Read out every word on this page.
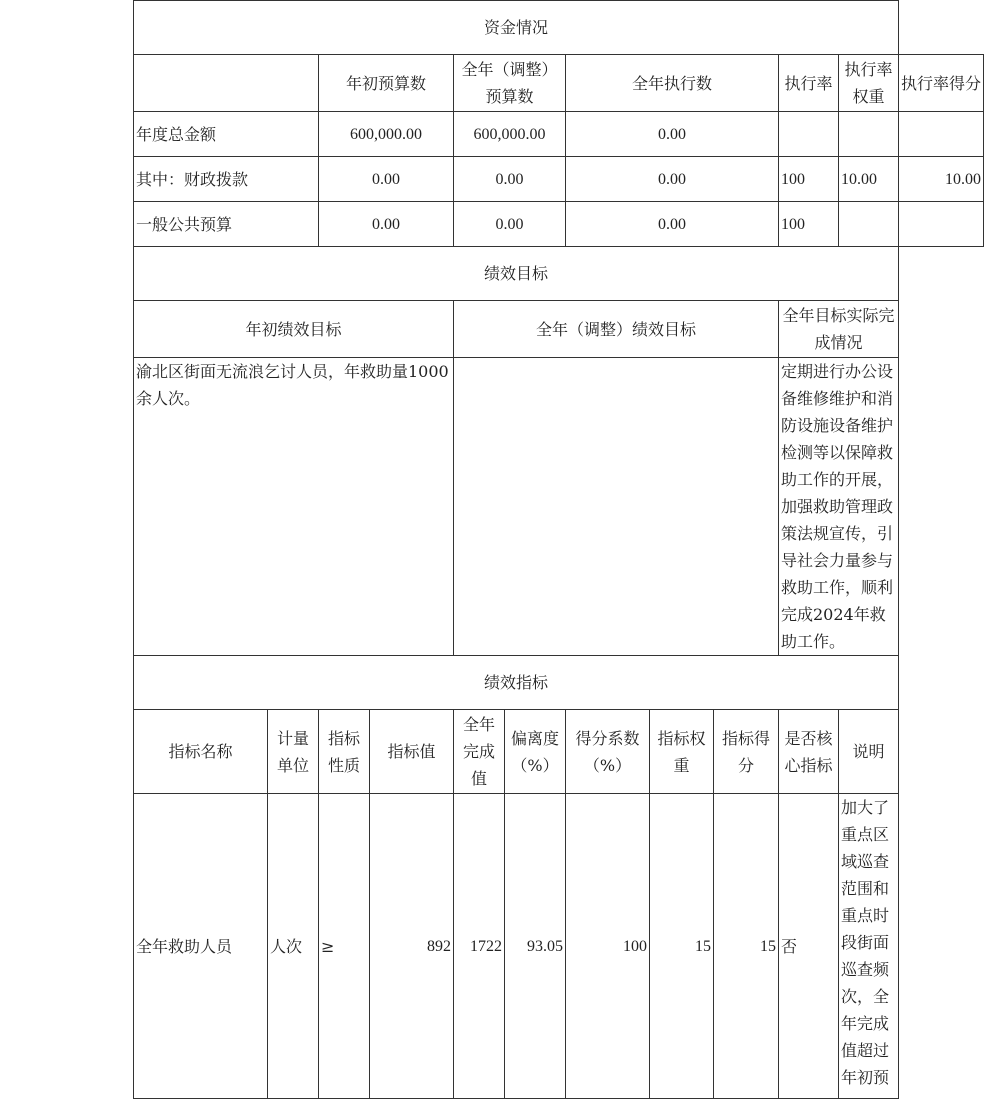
资金情况											
		年初预算数		全年（调整）预算数		全年执行数			执行率	执行率权重	执行率得分
年度总金额		600,000.00		600,000.00		0.00					
其中：财政拨款		0.00		0.00		0.00			100	10.00	10.00
一般公共预算		0.00		0.00		0.00			100		
绩效目标											
年初绩效目标				全年（调整）绩效目标					全年目标实际完成情况		
渝北区街面无流浪乞讨人员，年救助量1000余人次。									定期进行办公设备维修维护和消防设施设备维护检测等以保障救助工作的开展，加强救助管理政策法规宣传，引导社会力量参与救助工作，顺利完成2024年救助工作。		
绩效指标											
指标名称	计量单位	指标性质	指标值	全年完成值	偏离度（%）	得分系数（%）	指标权重	指标得分	是否核心指标	说明	
全年救助人员	人次	≥	892	1722	93.05	100	15	15	否	加大了重点区域巡查范围和重点时段街面巡查频次，全年完成值超过年初预	
